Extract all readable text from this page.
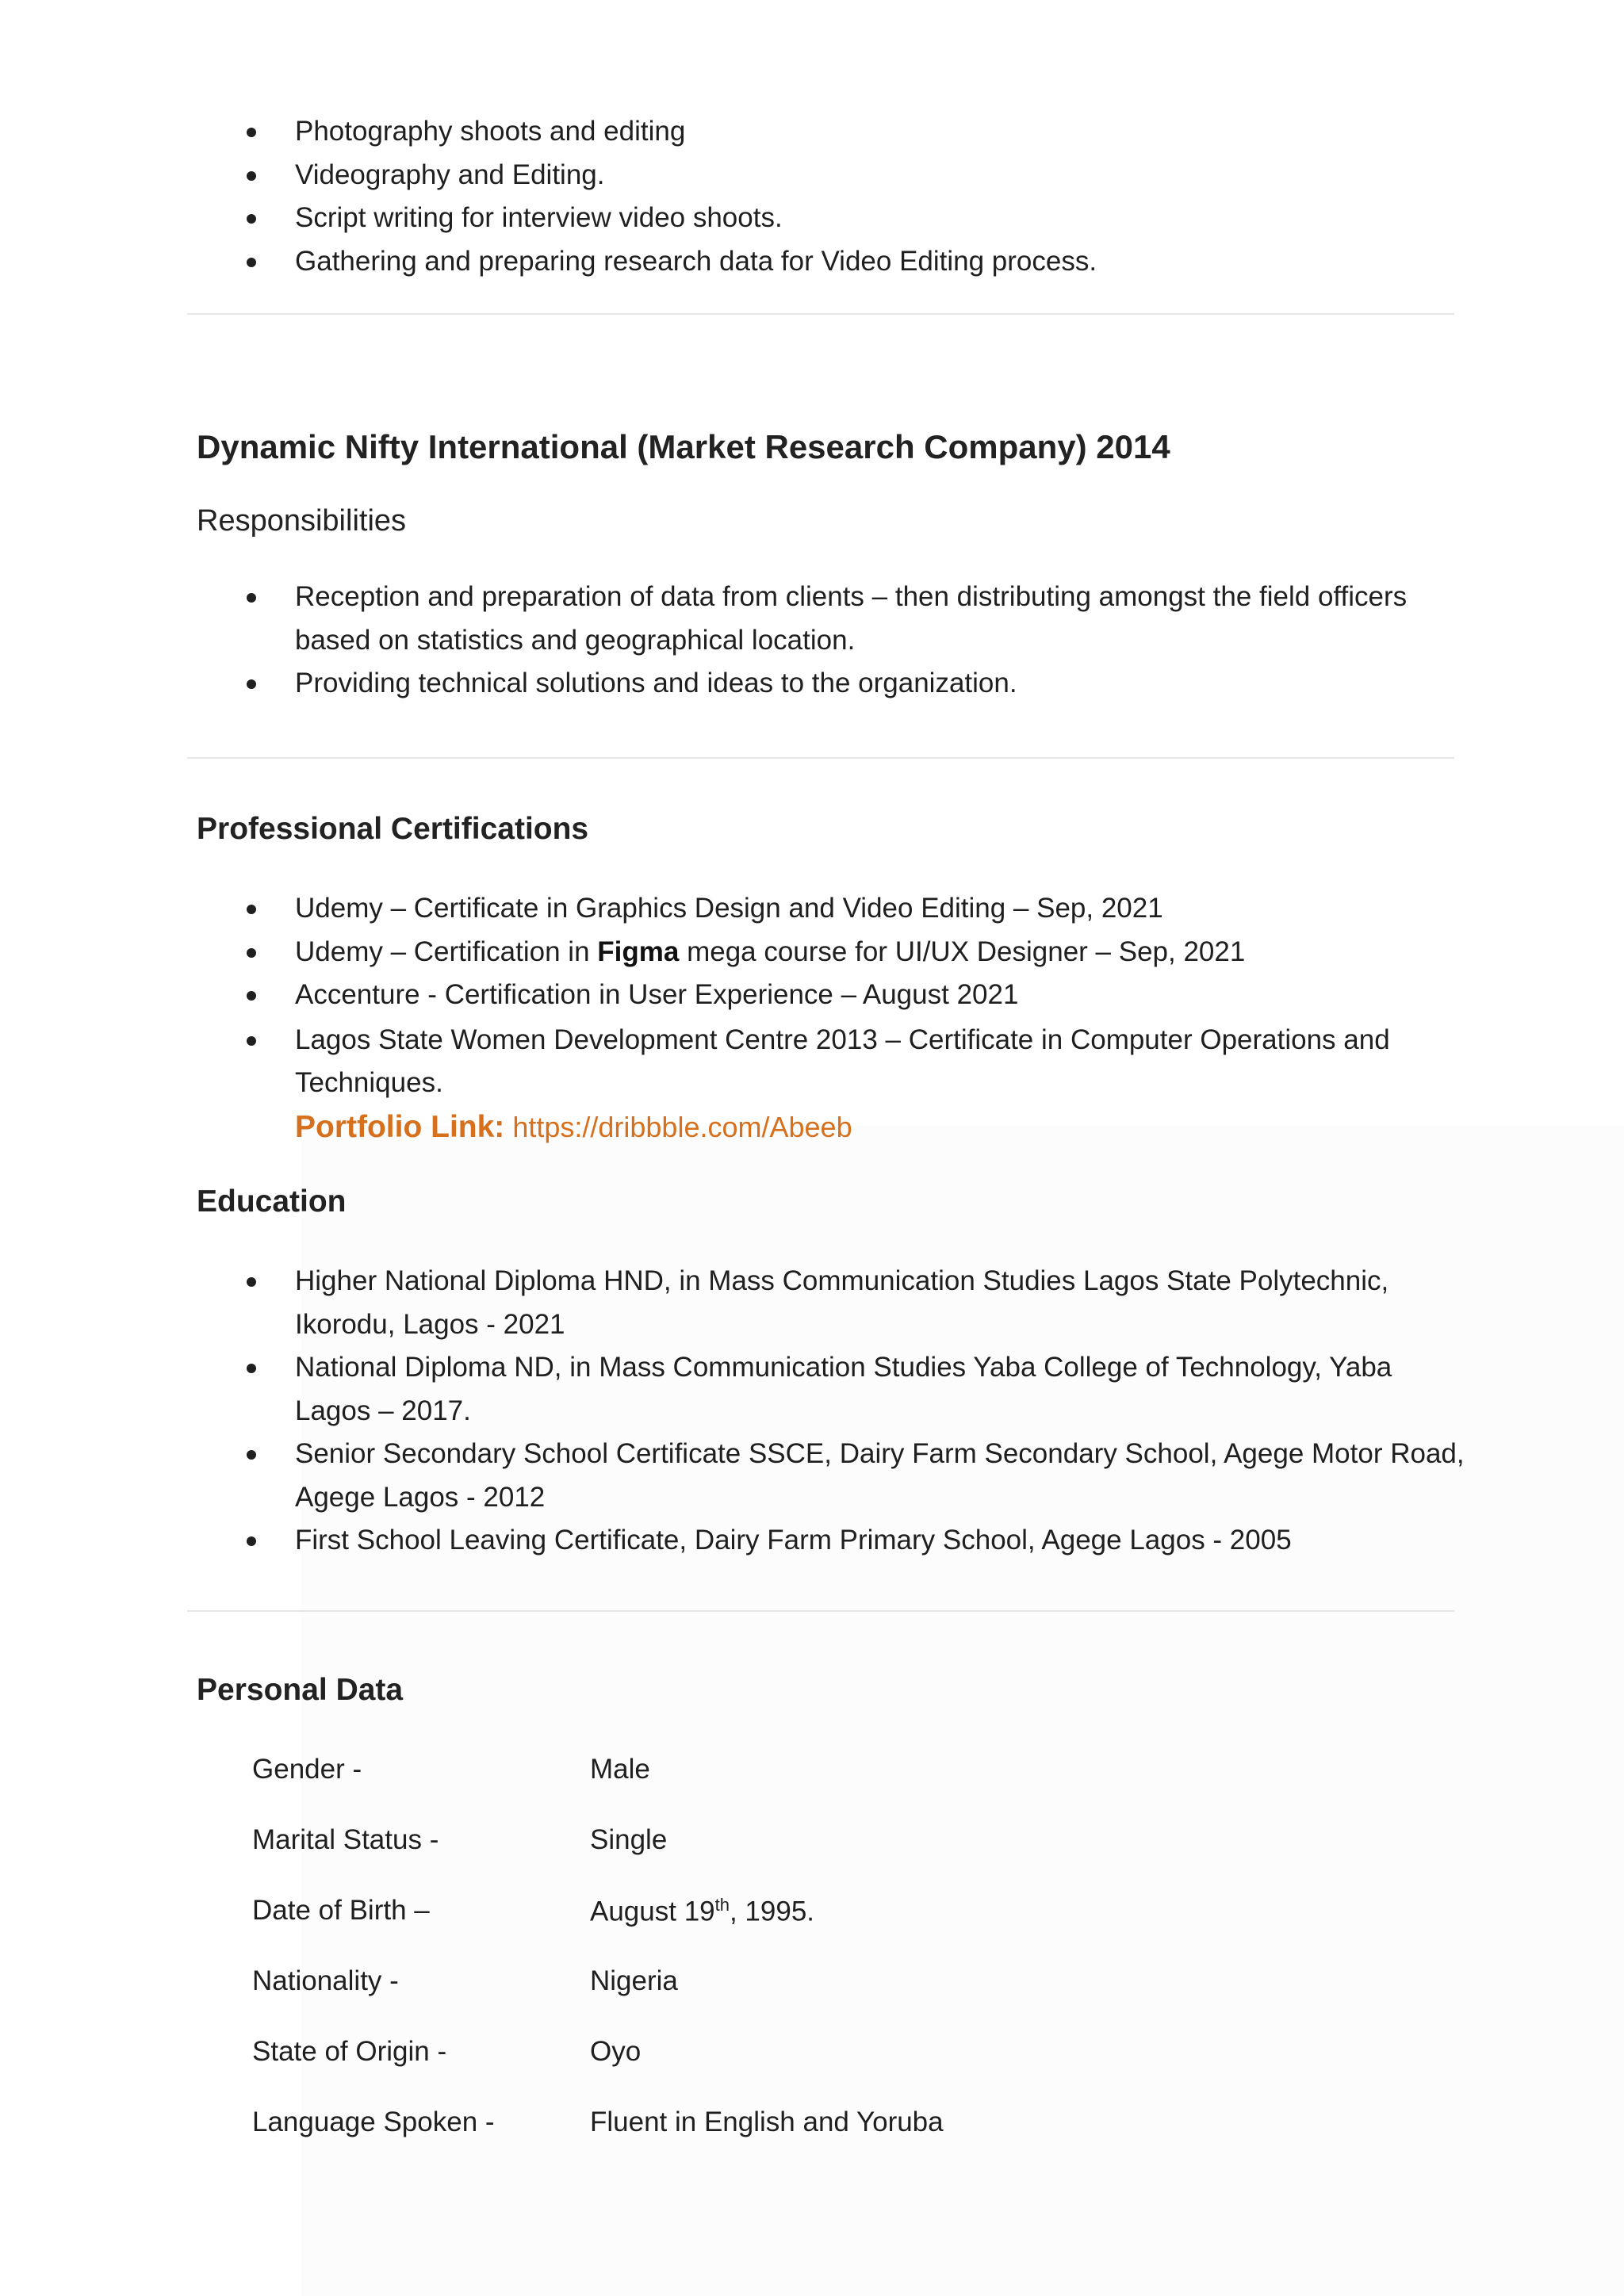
Photography shoots and editing
Videography and Editing.
Script writing for interview video shoots.
Gathering and preparing research data for Video Editing process.
Dynamic Nifty International (Market Research Company) 2014
Responsibilities
Reception and preparation of data from clients – then distributing amongst the field officers based on statistics and geographical location.
Providing technical solutions and ideas to the organization.
Professional Certifications
Udemy – Certificate in Graphics Design and Video Editing – Sep, 2021
Udemy – Certification in Figma mega course for UI/UX Designer – Sep, 2021
Accenture - Certification in User Experience – August 2021
Lagos State Women Development Centre 2013 – Certificate in Computer Operations and Techniques.
Portfolio Link: https://dribbble.com/Abeeb
Education
Higher National Diploma HND, in Mass Communication Studies Lagos State Polytechnic, Ikorodu, Lagos - 2021
National Diploma ND, in Mass Communication Studies Yaba College of Technology, Yaba Lagos – 2017.
Senior Secondary School Certificate SSCE, Dairy Farm Secondary School, Agege Motor Road, Agege Lagos - 2012
First School Leaving Certificate, Dairy Farm Primary School, Agege Lagos - 2005
Personal Data
Gender -	Male
Marital Status -	Single
Date of Birth –	August 19th, 1995.
Nationality -	Nigeria
State of Origin -	Oyo
Language Spoken -	Fluent in English and Yoruba
